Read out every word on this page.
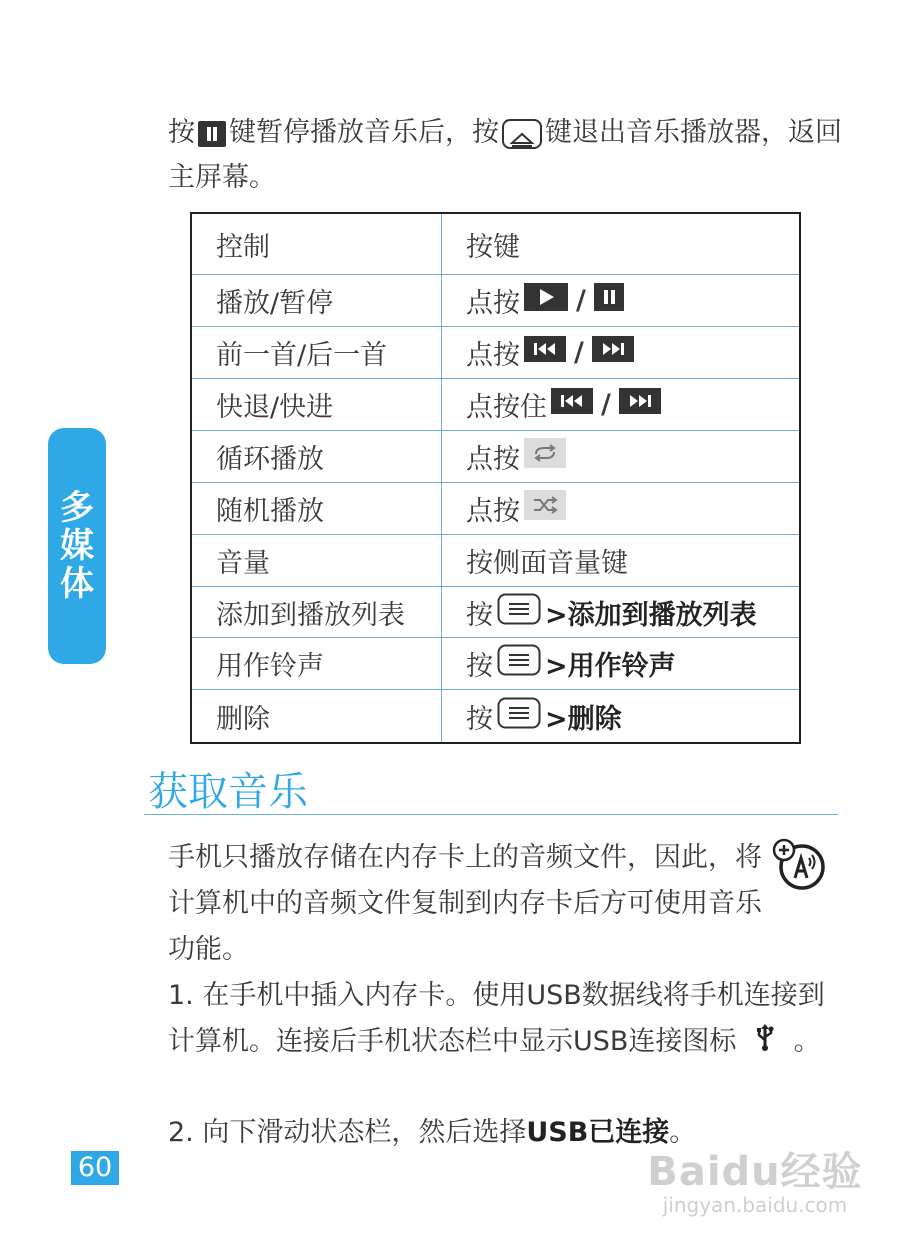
按 键暂停播放音乐后，按 键退出音乐播放器，返回主屏幕。
控制	按键
播放/暂停	点按 /
前一首/后一首	点按 /
快退/快进	点按住 /
循环播放	点按
随机播放	点按
音量	按侧面音量键
添加到播放列表	按 >添加到播放列表
用作铃声	按 >用作铃声
删除	按 >删除
多
媒
体
获取音乐
手机只播放存储在内存卡上的音频文件，因此，将计算机中的音频文件复制到内存卡后方可使用音乐功能。
1. 在手机中插入内存卡。使用USB数据线将手机连接到计算机。连接后手机状态栏中显示USB连接图标 。
2. 向下滑动状态栏，然后选择USB已连接。
60	Baidu经验
jingyan.baidu.com
